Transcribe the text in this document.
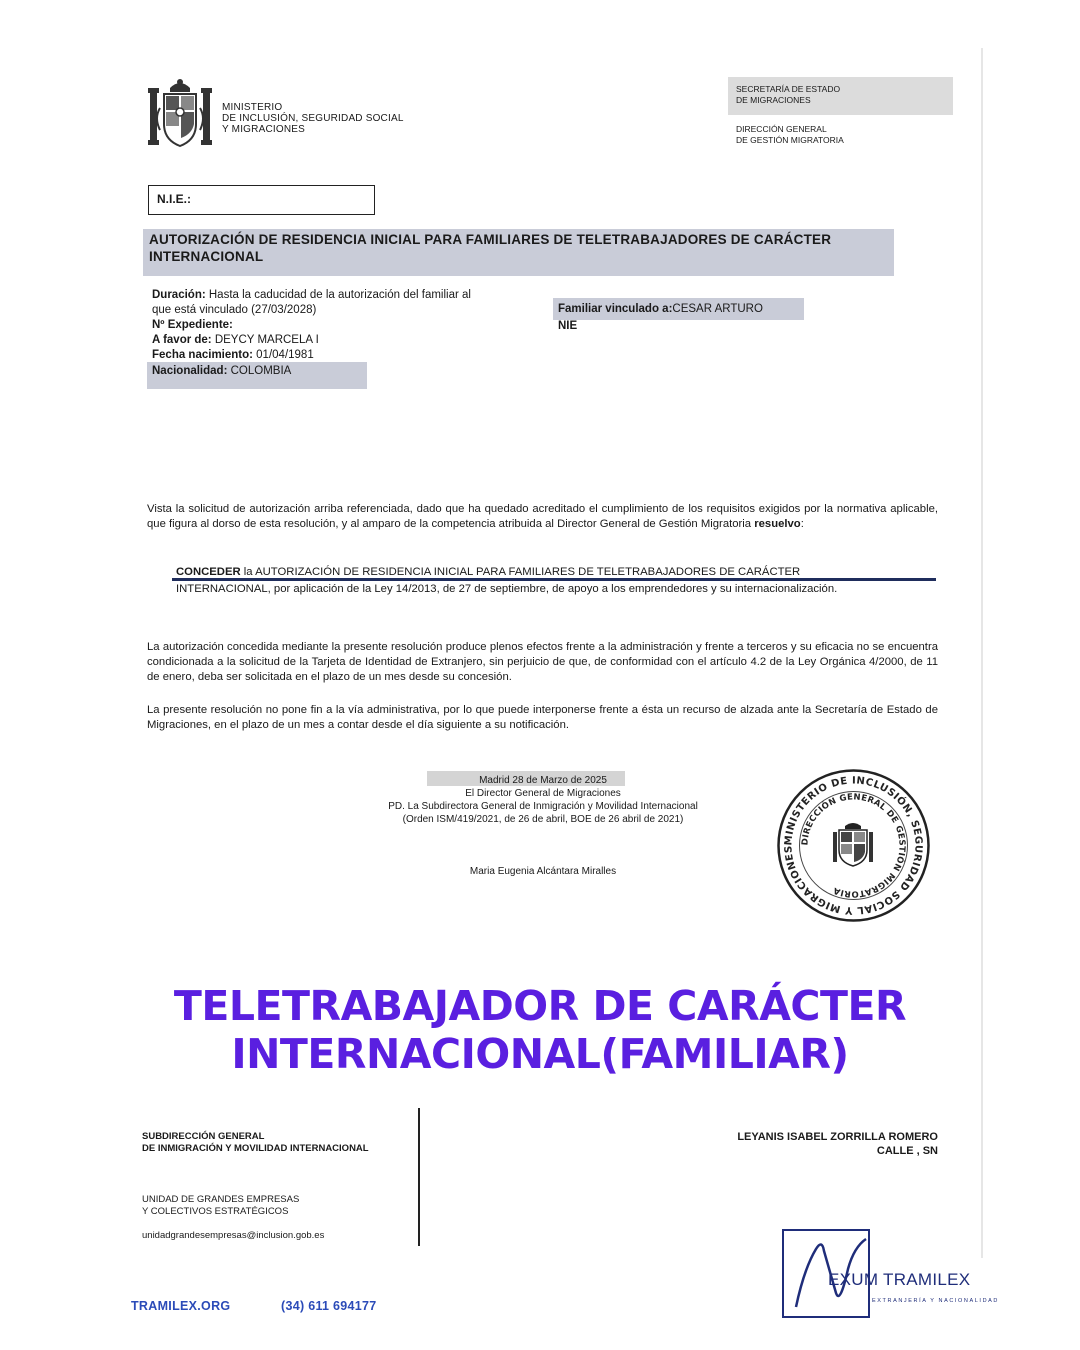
MINISTERIO
DE INCLUSIÓN, SEGURIDAD SOCIAL
Y MIGRACIONES
SECRETARÍA DE ESTADO
DE MIGRACIONES
DIRECCIÓN GENERAL
DE GESTIÓN MIGRATORIA
N.I.E.:
AUTORIZACIÓN DE RESIDENCIA INICIAL PARA FAMILIARES DE TELETRABAJADORES DE CARÁCTER
INTERNACIONAL
Duración: Hasta la caducidad de la autorización del familiar al
que está vinculado (27/03/2028)
Nº Expediente:
A favor de: DEYCY MARCELA I
Fecha nacimiento: 01/04/1981
Nacionalidad: COLOMBIA
Familiar vinculado a:CESAR ARTURO
NIE
Vista la solicitud de autorización arriba referenciada, dado que ha quedado acreditado el cumplimiento de los requisitos exigidos por la normativa aplicable, que figura al dorso de esta resolución, y al amparo de la competencia atribuida al Director General de Gestión Migratoria resuelvo:
CONCEDER la AUTORIZACIÓN DE RESIDENCIA INICIAL PARA FAMILIARES DE TELETRABAJADORES DE CARÁCTER
INTERNACIONAL, por aplicación de la Ley 14/2013, de 27 de septiembre, de apoyo a los emprendedores y su internacionalización.
La autorización concedida mediante la presente resolución produce plenos efectos frente a la administración y frente a terceros y su eficacia no se encuentra condicionada a la solicitud de la Tarjeta de Identidad de Extranjero, sin perjuicio de que, de conformidad con el artículo 4.2 de la Ley Orgánica 4/2000, de 11 de enero, deba ser solicitada en el plazo de un mes desde su concesión.
La presente resolución no pone fin a la vía administrativa, por lo que puede interponerse frente a ésta un recurso de alzada ante la Secretaría de Estado de Migraciones, en el plazo de un mes a contar desde el día siguiente a su notificación.
Madrid 28 de Marzo de 2025
El Director General de Migraciones
PD. La Subdirectora General de Inmigración y Movilidad Internacional
(Orden ISM/419/2021, de 26 de abril, BOE de 26 abril de 2021)
Maria Eugenia Alcántara Miralles
MINISTERIO DE INCLUSIÓN, SEGURIDAD SOCIAL Y MIGRACIONES
DIRECCIÓN GENERAL DE GESTIÓN MIGRATORIA
TELETRABAJADOR DE CARÁCTER
INTERNACIONAL(FAMILIAR)
SUBDIRECCIÓN GENERAL
DE INMIGRACIÓN Y MOVILIDAD INTERNACIONAL
UNIDAD DE GRANDES EMPRESAS
Y COLECTIVOS ESTRATÉGICOS
unidadgrandesempresas@inclusion.gob.es
LEYANIS ISABEL ZORRILLA ROMERO
CALLE , SN
TRAMILEX.ORG	(34) 611 694177
EXUM TRAMILEX
EXTRANJERÍA Y NACIONALIDAD
